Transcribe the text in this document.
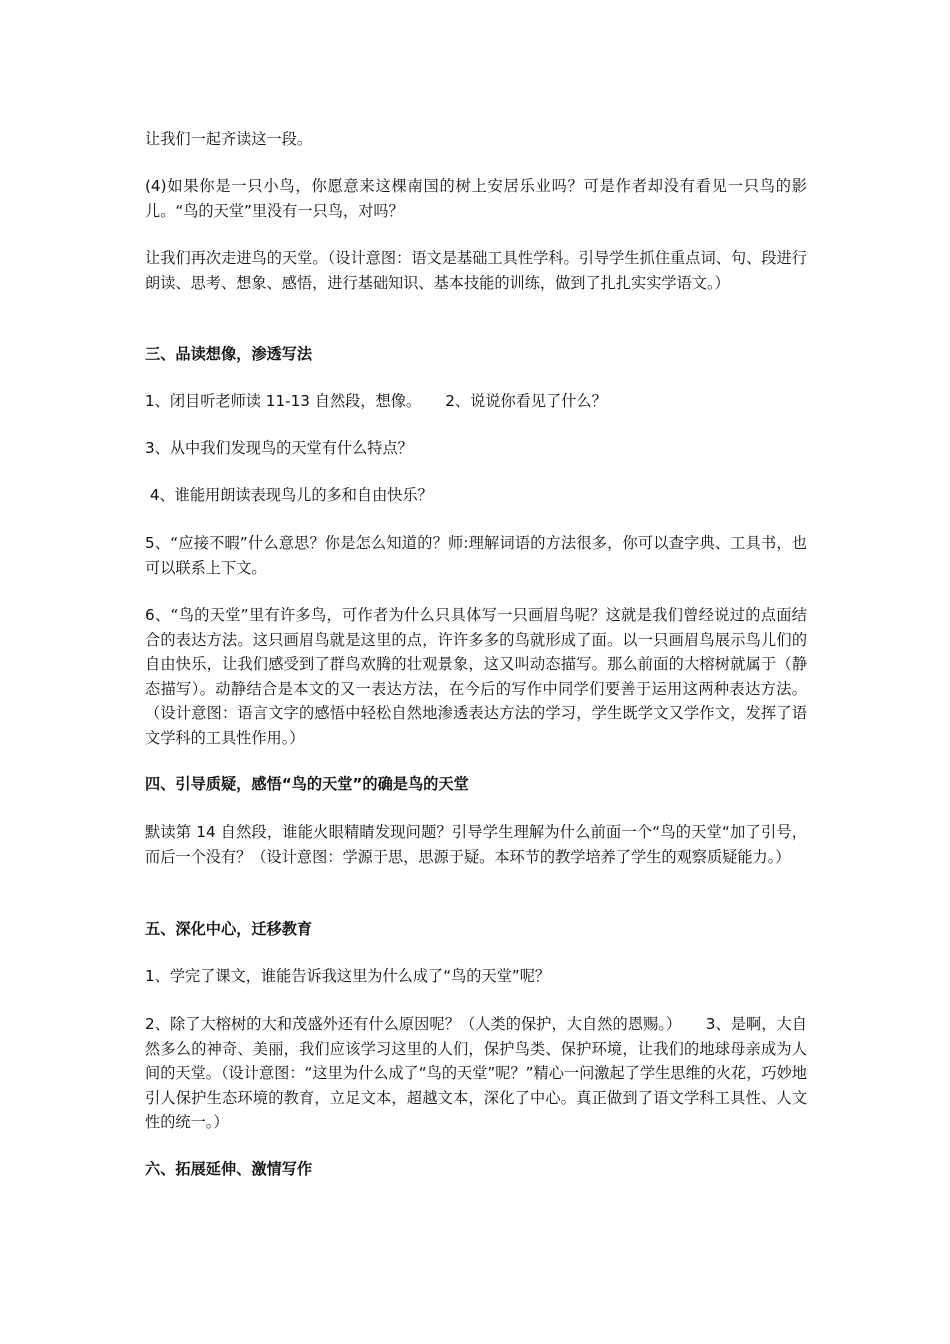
让我们一起齐读这一段。

(4)如果你是一只小鸟，你愿意来这棵南国的树上安居乐业吗？可是作者却没有看见一只鸟的影儿。“鸟的天堂”里没有一只鸟，对吗？

让我们再次走进鸟的天堂。（设计意图：语文是基础工具性学科。引导学生抓住重点词、句、段进行朗读、思考、想象、感悟，进行基础知识、基本技能的训练，做到了扎扎实实学语文。）

三、品读想像，渗透写法

1、闭目听老师读 11-13 自然段，想像。     2、说说你看见了什么？

3、从中我们发现鸟的天堂有什么特点？

4、谁能用朗读表现鸟儿的多和自由快乐？

5、“应接不暇”什么意思？你是怎么知道的？师:理解词语的方法很多，你可以查字典、工具书，也可以联系上下文。

6、“鸟的天堂”里有许多鸟，可作者为什么只具体写一只画眉鸟呢？这就是我们曾经说过的点面结合的表达方法。这只画眉鸟就是这里的点，许许多多的鸟就形成了面。以一只画眉鸟展示鸟儿们的自由快乐，让我们感受到了群鸟欢腾的壮观景象，这又叫动态描写。那么前面的大榕树就属于（静态描写）。动静结合是本文的又一表达方法，在今后的写作中同学们要善于运用这两种表达方法。（设计意图：语言文字的感悟中轻松自然地渗透表达方法的学习，学生既学文又学作文，发挥了语文学科的工具性作用。）

四、引导质疑，感悟“鸟的天堂”的确是鸟的天堂

默读第 14 自然段，谁能火眼精睛发现问题？引导学生理解为什么前面一个“鸟的天堂“加了引号，而后一个没有？（设计意图：学源于思，思源于疑。本环节的教学培养了学生的观察质疑能力。）

五、深化中心，迁移教育

1、学完了课文，谁能告诉我这里为什么成了“鸟的天堂”呢？

2、除了大榕树的大和茂盛外还有什么原因呢？（人类的保护，大自然的恩赐。）     3、是啊，大自然多么的神奇、美丽，我们应该学习这里的人们，保护鸟类、保护环境，让我们的地球母亲成为人间的天堂。（设计意图：“这里为什么成了“鸟的天堂”呢？”精心一问激起了学生思维的火花，巧妙地引人保护生态环境的教育，立足文本，超越文本，深化了中心。真正做到了语文学科工具性、人文性的统一。）

六、拓展延伸、激情写作
